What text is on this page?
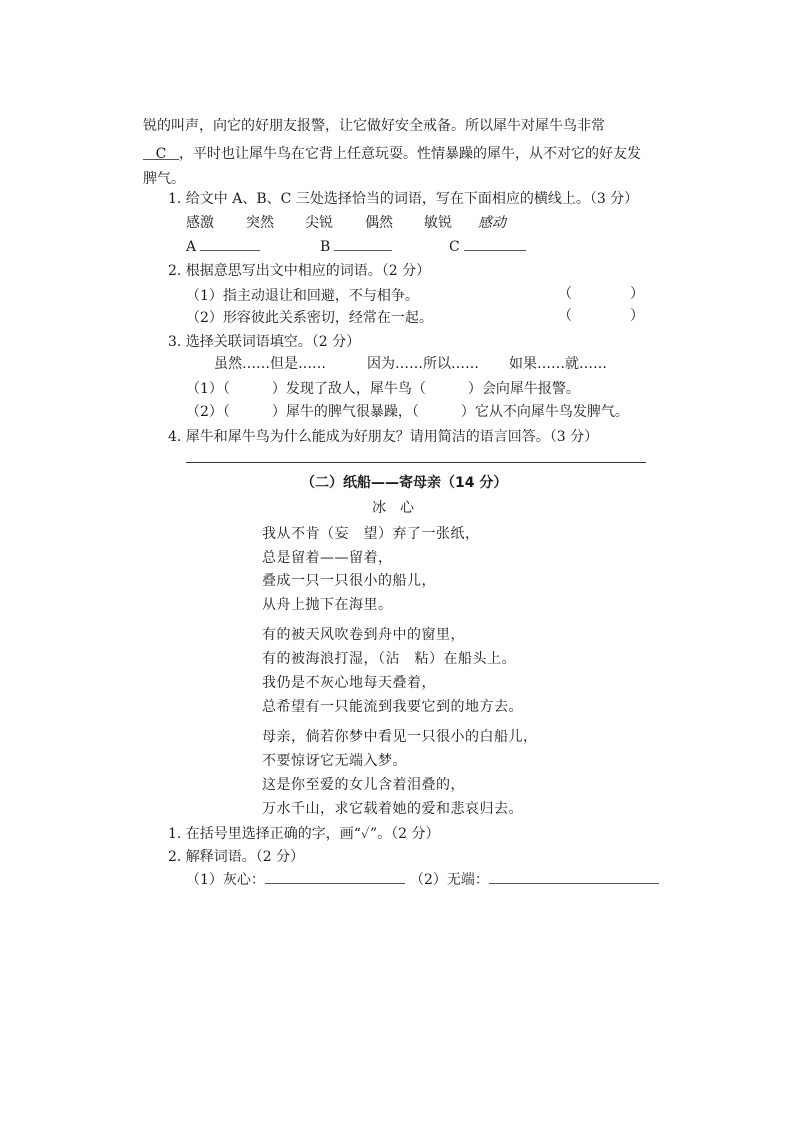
锐的叫声，向它的好朋友报警，让它做好安全戒备。所以犀牛对犀牛鸟非常
C ，平时也让犀牛鸟在它背上任意玩耍。性情暴躁的犀牛，从不对它的好友发
脾气。
1. 给文中 A、B、C 三处选择恰当的词语，写在下面相应的横线上。（3 分）
感激 突然 尖锐 偶然 敏锐 感动
A	B	C
2. 根据意思写出文中相应的词语。（2 分）
（1）指主动退让和回避，不与相争。	（	）
（2）形容彼此关系密切，经常在一起。	（	）
3. 选择关联词语填空。（2 分）
虽然……但是……	因为……所以…… 如果……就……
（1）（　　　）发现了敌人，犀牛鸟（　　　）会向犀牛报警。
（2）（　　　）犀牛的脾气很暴躁，（　　　）它从不向犀牛鸟发脾气。
4. 犀牛和犀牛鸟为什么能成为好朋友？请用简洁的语言回答。（3 分）
（二）纸船——寄母亲（14 分）
冰　心
我从不肯（妄　望）弃了一张纸，
总是留着——留着，
叠成一只一只很小的船儿，
从舟上抛下在海里。
有的被天风吹卷到舟中的窗里，
有的被海浪打湿，（沾　粘）在船头上。
我仍是不灰心地每天叠着，
总希望有一只能流到我要它到的地方去。
母亲，倘若你梦中看见一只很小的白船儿，
不要惊讶它无端入梦。
这是你至爱的女儿含着泪叠的，
万水千山，求它载着她的爱和悲哀归去。
1. 在括号里选择正确的字，画“✓”。（2 分）
2. 解释词语。（2 分）
（1）灰心：	（2）无端：
